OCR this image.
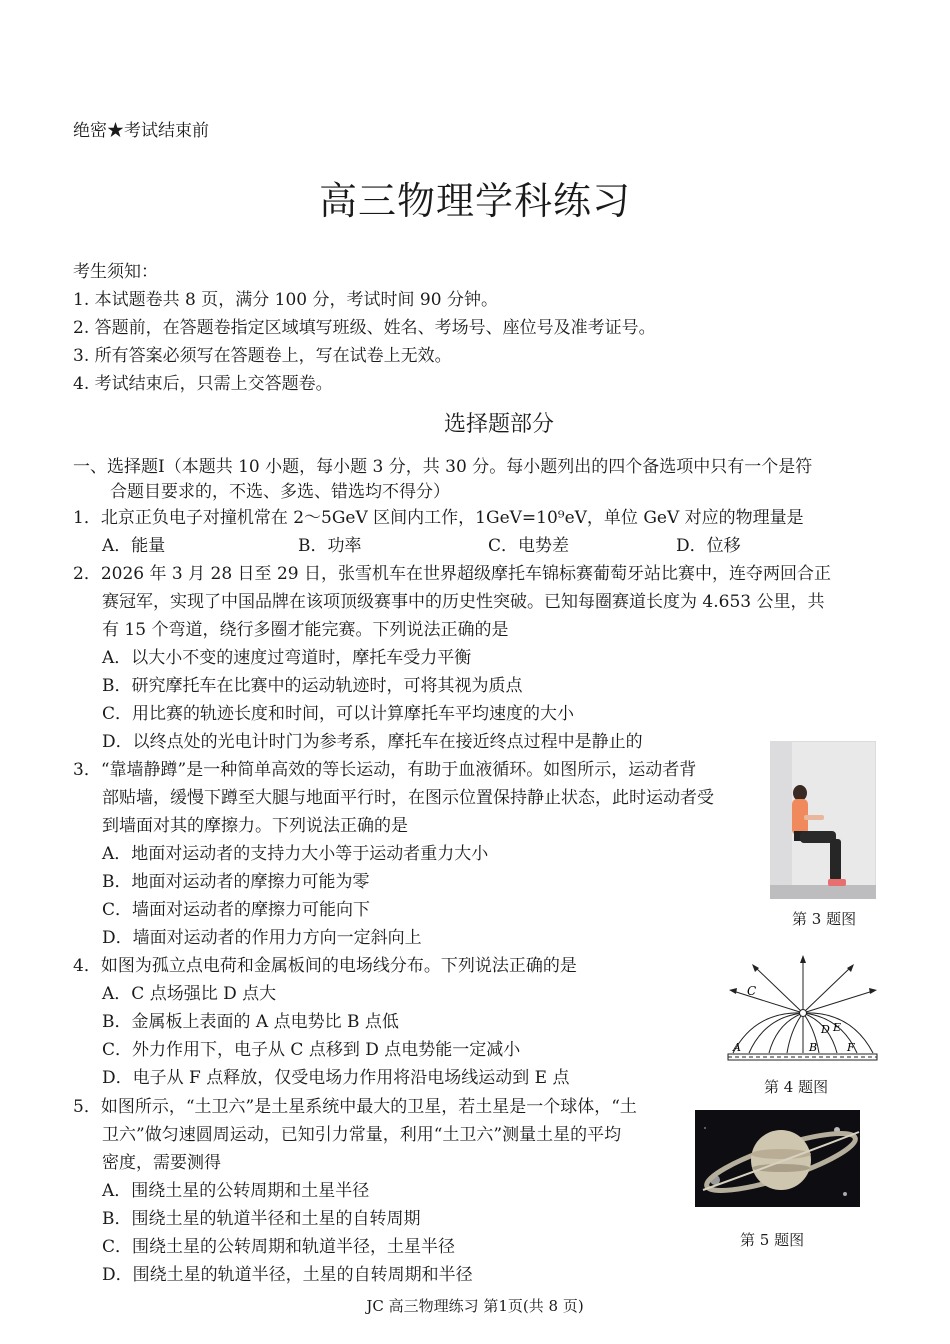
绝密★考试结束前
高三物理学科练习
考生须知：
1. 本试题卷共 8 页，满分 100 分，考试时间 90 分钟。
2. 答题前，在答题卷指定区域填写班级、姓名、考场号、座位号及准考证号。
3. 所有答案必须写在答题卷上，写在试卷上无效。
4. 考试结束后，只需上交答题卷。
选择题部分
一、选择题Ⅰ（本题共 10 小题，每小题 3 分，共 30 分。每小题列出的四个备选项中只有一个是符
合题目要求的，不选、多选、错选均不得分）
1．北京正负电子对撞机常在 2～5GeV 区间内工作，1GeV=10⁹eV，单位 GeV 对应的物理量是
A．能量	B．功率	C．电势差	D．位移
2．2026 年 3 月 28 日至 29 日，张雪机车在世界超级摩托车锦标赛葡萄牙站比赛中，连夺两回合正
赛冠军，实现了中国品牌在该项顶级赛事中的历史性突破。已知每圈赛道长度为 4.653 公里，共
有 15 个弯道，绕行多圈才能完赛。下列说法正确的是
A．以大小不变的速度过弯道时，摩托车受力平衡
B．研究摩托车在比赛中的运动轨迹时，可将其视为质点
C．用比赛的轨迹长度和时间，可以计算摩托车平均速度的大小
D．以终点处的光电计时门为参考系，摩托车在接近终点过程中是静止的
3．“靠墙静蹲”是一种简单高效的等长运动，有助于血液循环。如图所示，运动者背
部贴墙，缓慢下蹲至大腿与地面平行时，在图示位置保持静止状态，此时运动者受
到墙面对其的摩擦力。下列说法正确的是
A．地面对运动者的支持力大小等于运动者重力大小
B．地面对运动者的摩擦力可能为零
C．墙面对运动者的摩擦力可能向下
D．墙面对运动者的作用力方向一定斜向上
第 3 题图
4．如图为孤立点电荷和金属板间的电场线分布。下列说法正确的是
A．C 点场强比 D 点大
B．金属板上表面的 A 点电势比 B 点低
C．外力作用下，电子从 C 点移到 D 点电势能一定减小
D．电子从 F 点释放，仅受电场力作用将沿电场线运动到 E 点
C
D E
A	B	F
第 4 题图
5．如图所示，“土卫六”是土星系统中最大的卫星，若土星是一个球体，“土
卫六”做匀速圆周运动，已知引力常量，利用“土卫六”测量土星的平均
密度，需要测得
A．围绕土星的公转周期和土星半径
B．围绕土星的轨道半径和土星的自转周期
C．围绕土星的公转周期和轨道半径，土星半径
D．围绕土星的轨道半径，土星的自转周期和半径
第 5 题图
JC 高三物理练习 第1页(共 8 页)
